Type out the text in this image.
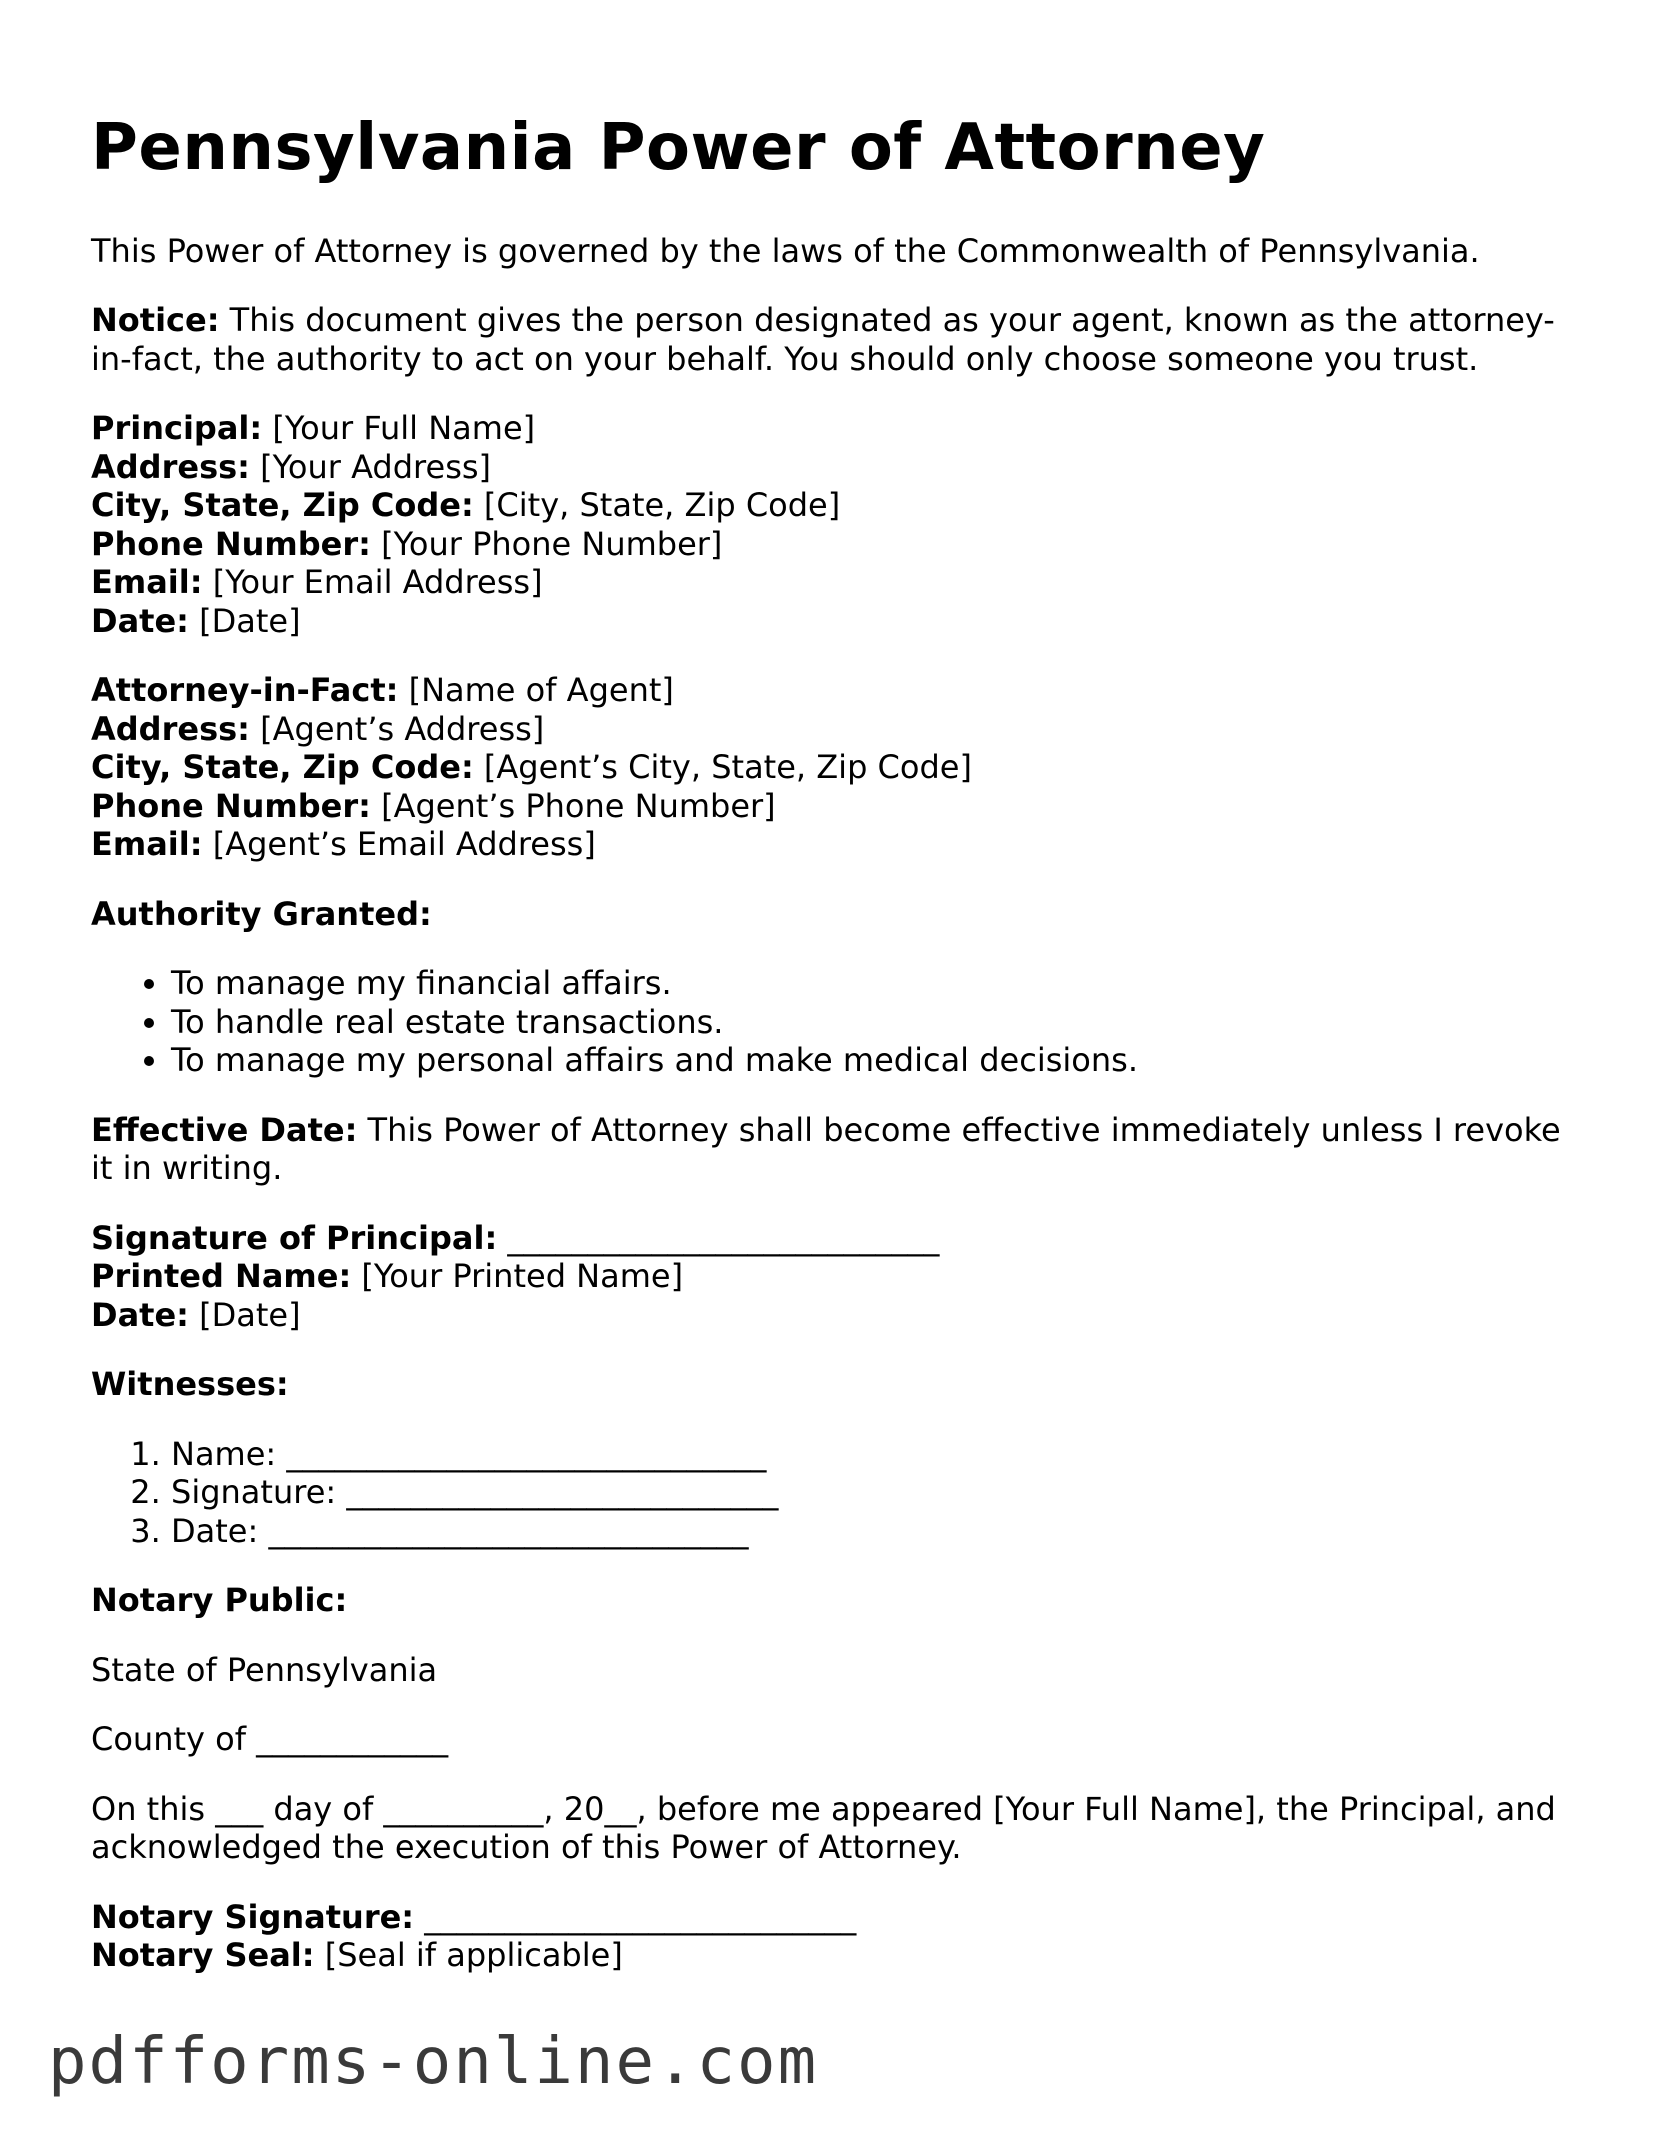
Pennsylvania Power of Attorney

This Power of Attorney is governed by the laws of the Commonwealth of Pennsylvania.

Notice: This document gives the person designated as your agent, known as the attorney-in-fact, the authority to act on your behalf. You should only choose someone you trust.

Principal: [Your Full Name]
Address: [Your Address]
City, State, Zip Code: [City, State, Zip Code]
Phone Number: [Your Phone Number]
Email: [Your Email Address]
Date: [Date]
Attorney-in-Fact: [Name of Agent]
Address: [Agent’s Address]
City, State, Zip Code: [Agent’s City, State, Zip Code]
Phone Number: [Agent’s Phone Number]
Email: [Agent’s Email Address]

Authority Granted:

• To manage my financial affairs.
• To handle real estate transactions.
• To manage my personal affairs and make medical decisions.

Effective Date: This Power of Attorney shall become effective immediately unless I revoke it in writing.

Signature of Principal: ___________________________
Printed Name: [Your Printed Name]
Date: [Date]

Witnesses:

1. Name: ______________________________
2. Signature: ___________________________
3. Date: ______________________________

Notary Public:

State of Pennsylvania

County of ____________

On this ___ day of __________, 20__, before me appeared [Your Full Name], the Principal, and acknowledged the execution of this Power of Attorney.

Notary Signature: ___________________________
Notary Seal: [Seal if applicable]
pdfforms-online.com
